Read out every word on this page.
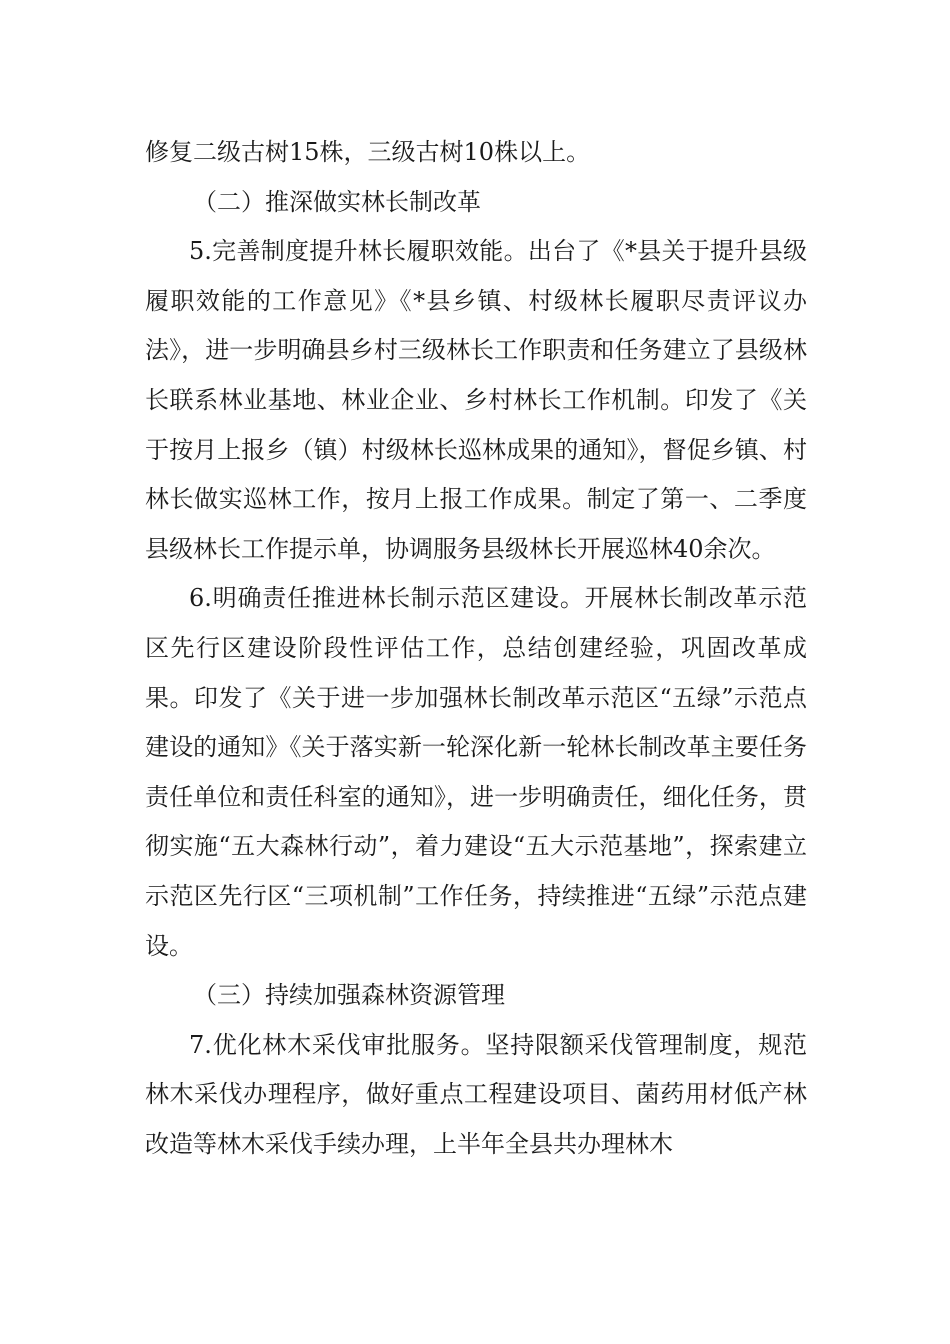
修复二级古树15株，三级古树10株以上。

（二）推深做实林长制改革

5.完善制度提升林长履职效能。出台了《*县关于提升县级履职效能的工作意见》《*县乡镇、村级林长履职尽责评议办法》，进一步明确县乡村三级林长工作职责和任务建立了县级林长联系林业基地、林业企业、乡村林长工作机制。印发了《关于按月上报乡（镇）村级林长巡林成果的通知》，督促乡镇、村林长做实巡林工作，按月上报工作成果。制定了第一、二季度县级林长工作提示单，协调服务县级林长开展巡林40余次。

6.明确责任推进林长制示范区建设。开展林长制改革示范区先行区建设阶段性评估工作，总结创建经验，巩固改革成果。印发了《关于进一步加强林长制改革示范区“五绿”示范点建设的通知》《关于落实新一轮深化新一轮林长制改革主要任务责任单位和责任科室的通知》，进一步明确责任，细化任务，贯彻实施“五大森林行动”，着力建设“五大示范基地”，探索建立示范区先行区“三项机制”工作任务，持续推进“五绿”示范点建设。

（三）持续加强森林资源管理

7.优化林木采伐审批服务。坚持限额采伐管理制度，规范林木采伐办理程序，做好重点工程建设项目、菌药用材低产林改造等林木采伐手续办理，上半年全县共办理林木
